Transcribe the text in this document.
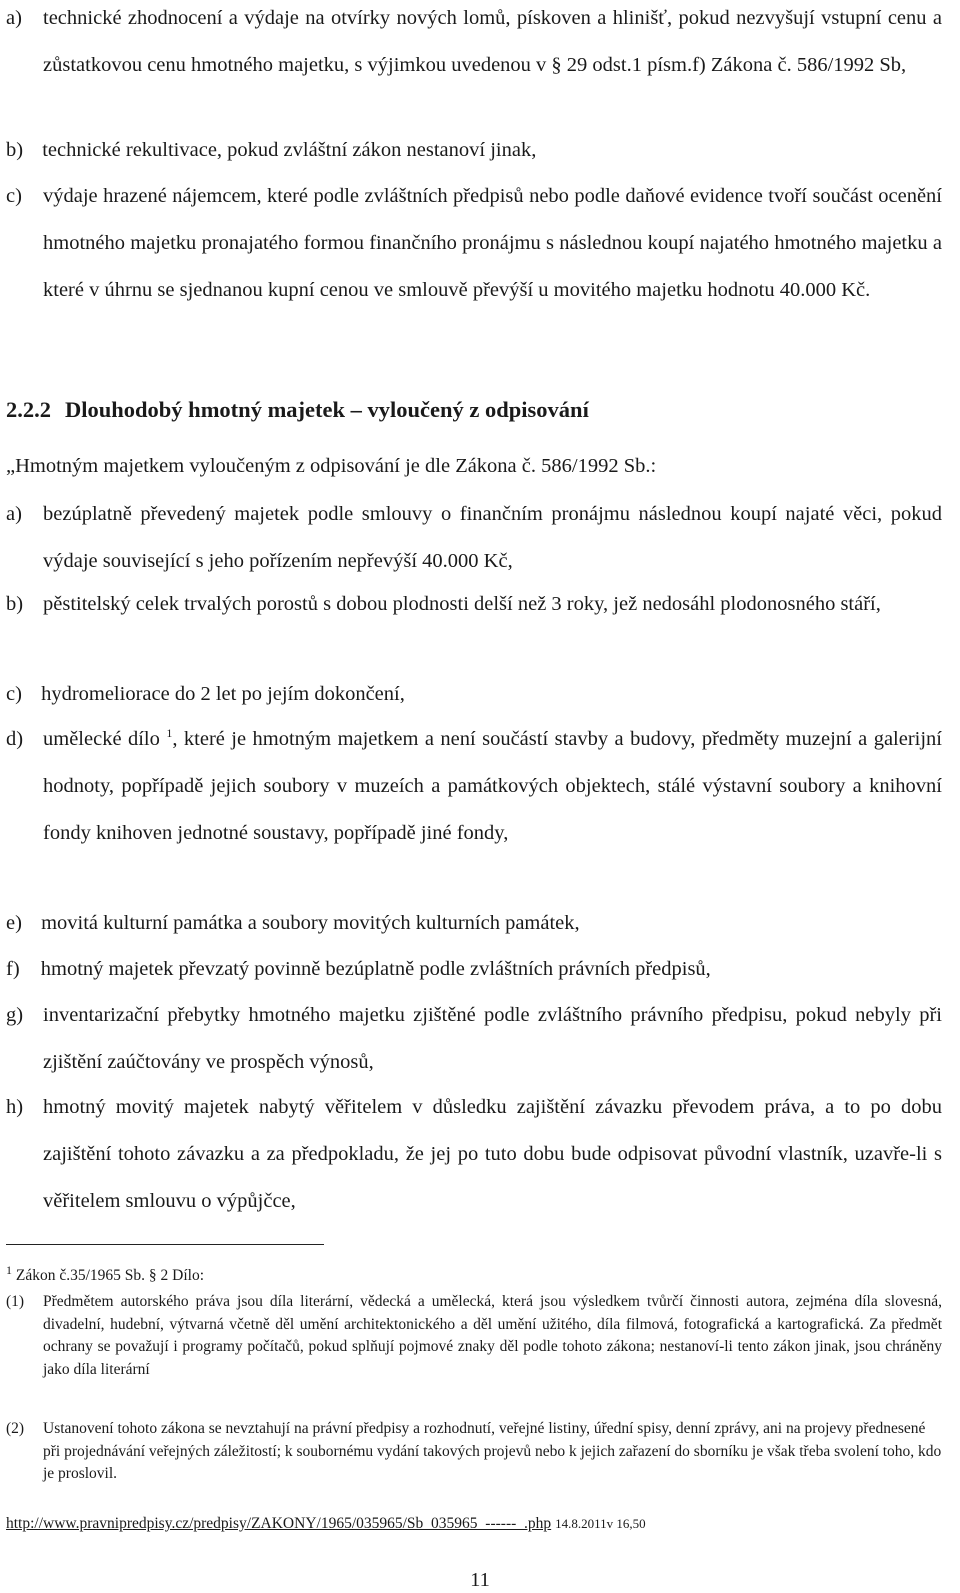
a) technické zhodnocení a výdaje na otvírky nových lomů, pískoven a hlinišť, pokud nezvyšují vstupní cenu a zůstatkovou cenu hmotného majetku, s výjimkou uvedenou v § 29 odst.1 písm.f) Zákona č. 586/1992 Sb,
b) technické rekultivace, pokud zvláštní zákon nestanoví jinak,
c) výdaje hrazené nájemcem, které podle zvláštních předpisů nebo podle daňové evidence tvoří součást ocenění hmotného majetku pronajatého formou finančního pronájmu s následnou koupí najatého hmotného majetku a které v úhrnu se sjednanou kupní cenou ve smlouvě převýší u movitého majetku hodnotu 40.000 Kč.
2.2.2 Dlouhodobý hmotný majetek – vyloučený z odpisování
„Hmotným majetkem vyloučeným z odpisování je dle Zákona č. 586/1992 Sb.:
a) bezúplatně převedený majetek podle smlouvy o finančním pronájmu následnou koupí najaté věci, pokud výdaje související s jeho pořízením nepřevýší 40.000 Kč,
b) pěstitelský celek trvalých porostů s dobou plodnosti delší než 3 roky, jež nedosáhl plodonosného stáří,
c) hydromeliorace do 2 let po jejím dokončení,
d) umělecké dílo $^1$, které je hmotným majetkem a není součástí stavby a budovy, předměty muzejní a galerijní hodnoty, popřípadě jejich soubory v muzeích a památkových objektech, stálé výstavní soubory a knihovní fondy knihoven jednotné soustavy, popřípadě jiné fondy,
e) movitá kulturní památka a soubory movitých kulturních památek,
f) hmotný majetek převzatý povinně bezúplatně podle zvláštních právních předpisů,
g) inventarizační přebytky hmotného majetku zjištěné podle zvláštního právního předpisu, pokud nebyly při zjištění zaúčtovány ve prospěch výnosů,
h) hmotný movitý majetek nabytý věřitelem v důsledku zajištění závazku převodem práva, a to po dobu zajištění tohoto závazku a za předpokladu, že jej po tuto dobu bude odpisovat původní vlastník, uzavře-li s věřitelem smlouvu o výpůjčce,
$^1$ Zákon č.35/1965 Sb. § 2 Dílo:
(1) Předmětem autorského práva jsou díla literární, vědecká a umělecká, která jsou výsledkem tvůrčí činnosti autora, zejména díla slovesná, divadelní, hudební, výtvarná včetně děl umění architektonického a děl umění užitého, díla filmová, fotografická a kartografická. Za předmět ochrany se považují i programy počítačů, pokud splňují pojmové znaky děl podle tohoto zákona; nestanoví-li tento zákon jinak, jsou chráněny jako díla literární
(2) Ustanovení tohoto zákona se nevztahují na právní předpisy a rozhodnutí, veřejné listiny, úřední spisy, denní zprávy, ani na projevy přednesené při projednávání veřejných záležitostí; k soubornému vydání takových projevů nebo k jejich zařazení do sborníku je však třeba svolení toho, kdo je proslovil.
http://www.pravnipredpisy.cz/predpisy/ZAKONY/1965/035965/Sb_035965_------_.php 14.8.2011v 16,50
11
